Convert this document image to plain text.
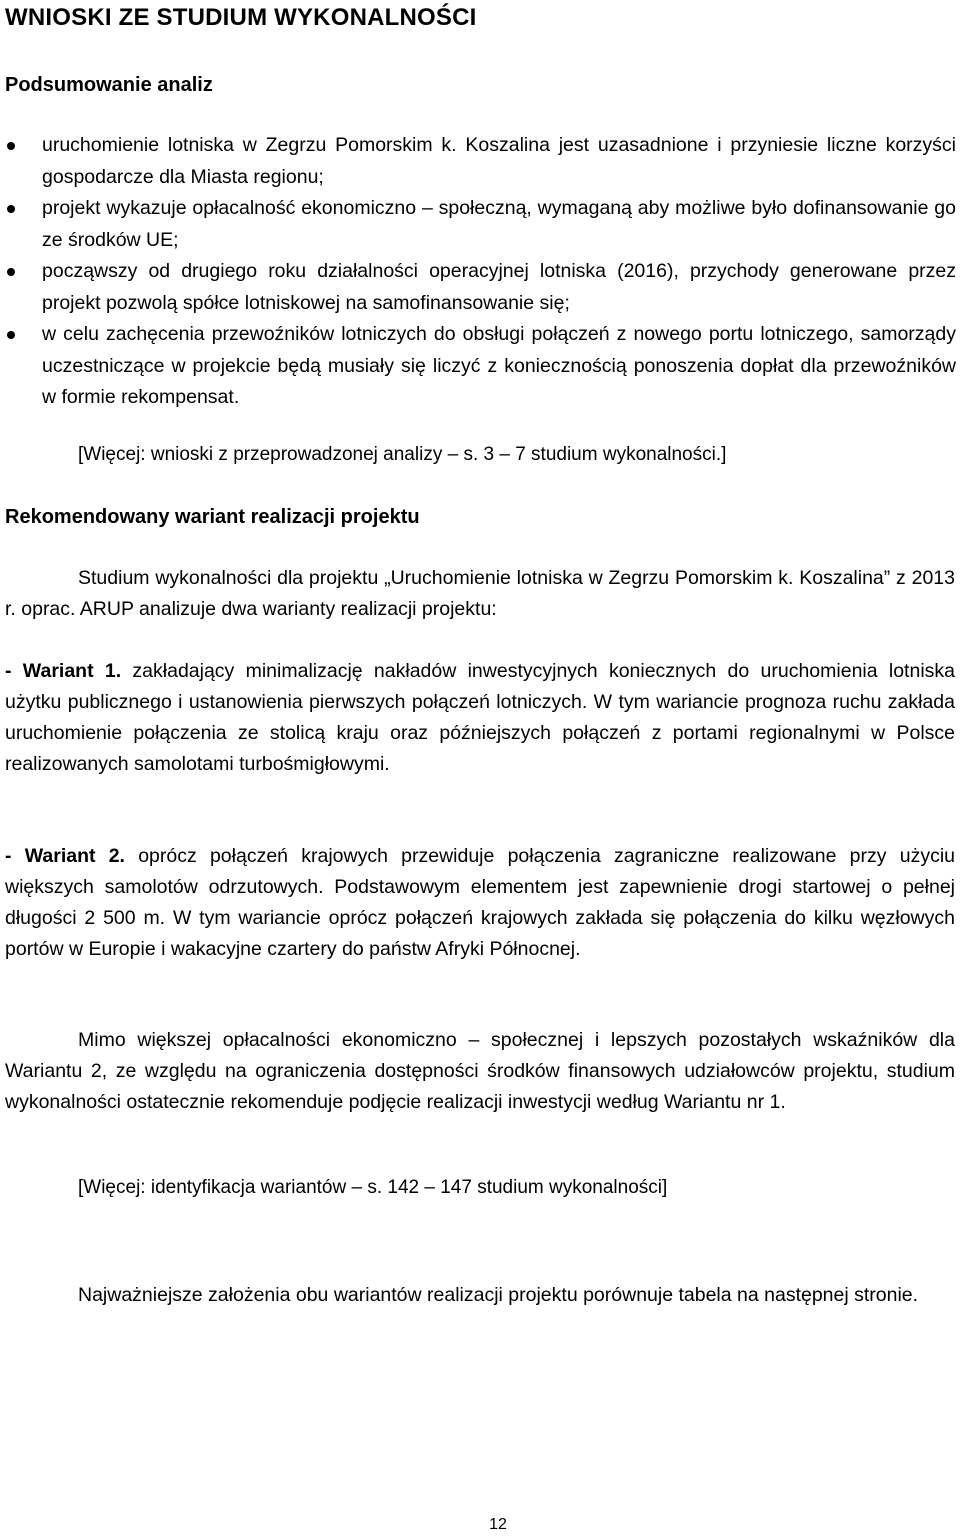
WNIOSKI ZE STUDIUM WYKONALNOŚCI
Podsumowanie analiz
uruchomienie lotniska w Zegrzu Pomorskim k. Koszalina jest uzasadnione i przyniesie liczne korzyści gospodarcze dla Miasta regionu;
projekt wykazuje opłacalność ekonomiczno – społeczną, wymaganą aby możliwe było dofinansowanie go ze środków UE;
począwszy od drugiego roku działalności operacyjnej lotniska (2016), przychody generowane przez projekt pozwolą spółce lotniskowej na samofinansowanie się;
w celu zachęcenia przewoźników lotniczych do obsługi połączeń z nowego portu lotniczego, samorządy uczestniczące w projekcie będą musiały się liczyć z koniecznością ponoszenia dopłat dla przewoźników w formie rekompensat.
[Więcej: wnioski z przeprowadzonej analizy – s. 3 – 7 studium wykonalności.]
Rekomendowany wariant realizacji projektu
Studium wykonalności dla projektu „Uruchomienie lotniska w Zegrzu Pomorskim k. Koszalina” z 2013 r. oprac. ARUP analizuje dwa warianty realizacji projektu:
- Wariant 1. zakładający minimalizację nakładów inwestycyjnych koniecznych do uruchomienia lotniska użytku publicznego i ustanowienia pierwszych połączeń lotniczych. W tym wariancie prognoza ruchu zakłada uruchomienie połączenia ze stolicą kraju oraz późniejszych połączeń z portami regionalnymi w Polsce realizowanych samolotami turbośmigłowymi.
- Wariant 2. oprócz połączeń krajowych przewiduje połączenia zagraniczne realizowane przy użyciu większych samolotów odrzutowych. Podstawowym elementem jest zapewnienie drogi startowej o pełnej długości 2 500 m. W tym wariancie oprócz połączeń krajowych zakłada się połączenia do kilku węzłowych portów w Europie i wakacyjne czartery do państw Afryki Północnej.
Mimo większej opłacalności ekonomiczno – społecznej i lepszych pozostałych wskaźników dla Wariantu 2, ze względu na ograniczenia dostępności środków finansowych udziałowców projektu, studium wykonalności ostatecznie rekomenduje podjęcie realizacji inwestycji według Wariantu nr 1.
[Więcej: identyfikacja wariantów – s. 142 – 147 studium wykonalności]
Najważniejsze założenia obu wariantów realizacji projektu porównuje tabela na następnej stronie.
12
